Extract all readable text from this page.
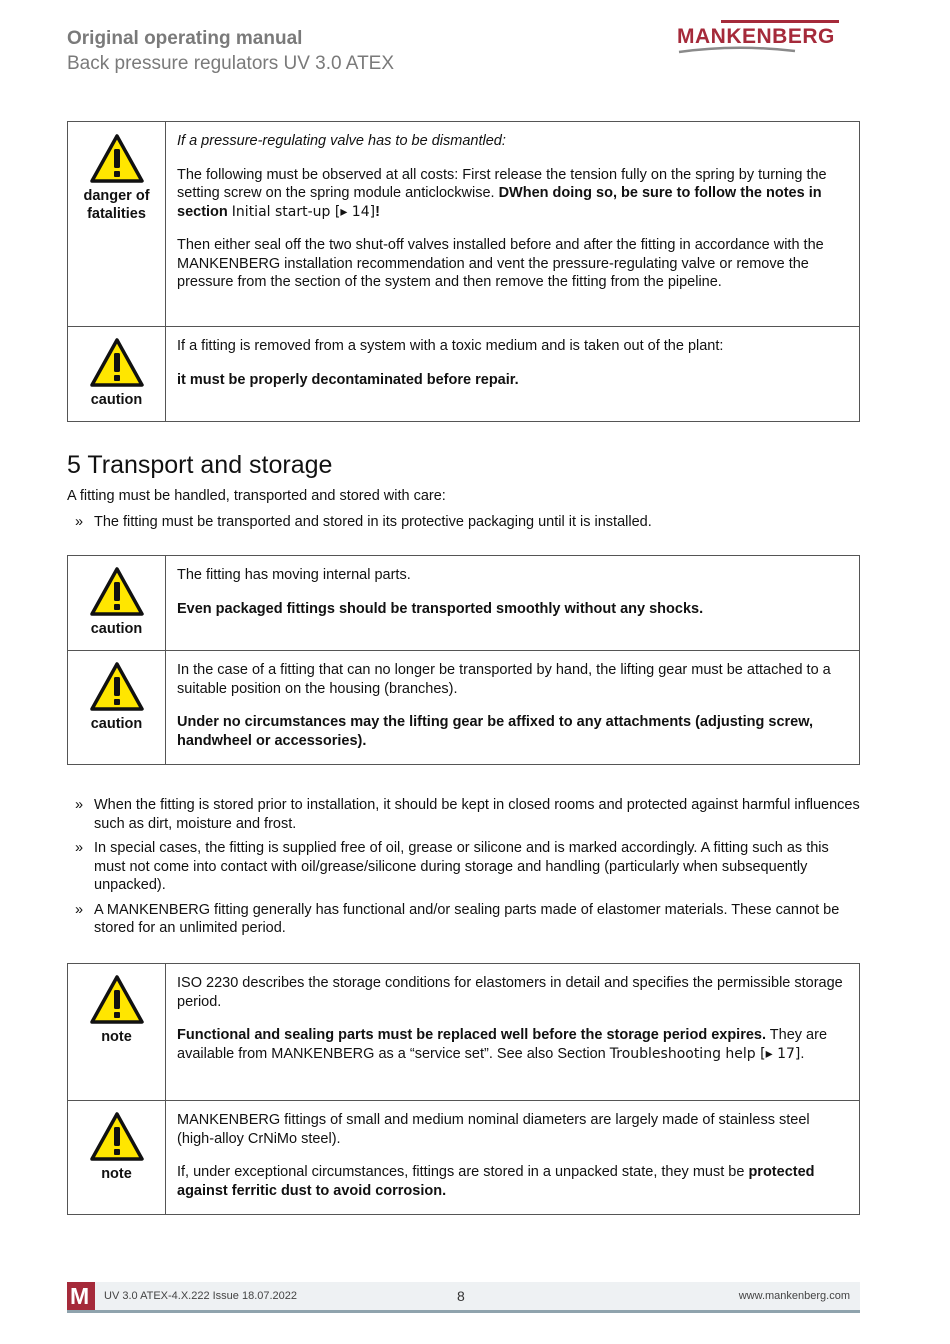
Original operating manual
Back pressure regulators UV 3.0 ATEX
MANKENBERG
danger of fatalities	If a pressure-regulating valve has to be dismantled:

The following must be observed at all costs: First release the tension fully on the spring by turning the setting screw on the spring module anticlockwise. DWhen doing so, be sure to follow the notes in section Initial start-up [▸ 14]!

Then either seal off the two shut-off valves installed before and after the fitting in accordance with the MANKENBERG installation recommendation and vent the pressure-regulating valve or remove the pressure from the section of the system and then remove the fitting from the pipeline.

caution	If a fitting is removed from a system with a toxic medium and is taken out of the plant:

it must be properly decontaminated before repair.

5 Transport and storage
A fitting must be handled, transported and stored with care:
» The fitting must be transported and stored in its protective packaging until it is installed.
caution	The fitting has moving internal parts.

Even packaged fittings should be transported smoothly without any shocks.

caution	In the case of a fitting that can no longer be transported by hand, the lifting gear must be attached to a suitable position on the housing (branches).

Under no circumstances may the lifting gear be affixed to any attachments (adjusting screw, handwheel or accessories).

» When the fitting is stored prior to installation, it should be kept in closed rooms and protected against harmful influences such as dirt, moisture and frost.
» In special cases, the fitting is supplied free of oil, grease or silicone and is marked accordingly. A fitting such as this must not come into contact with oil/grease/silicone during storage and handling (particularly when subsequently unpacked).
» A MANKENBERG fitting generally has functional and/or sealing parts made of elastomer materials. These cannot be stored for an unlimited period.
note	ISO 2230 describes the storage conditions for elastomers in detail and specifies the permissible storage period.

Functional and sealing parts must be replaced well before the storage period expires. They are available from MANKENBERG as a “service set”. See also Section Troubleshooting help [▸ 17].

note	MANKENBERG fittings of small and medium nominal diameters are largely made of stainless steel (high-alloy CrNiMo steel).

If, under exceptional circumstances, fittings are stored in a unpacked state, they must be protected against ferritic dust to avoid corrosion.

M UV 3.0 ATEX-4.X.222 Issue 18.07.2022	8	www.mankenberg.com
